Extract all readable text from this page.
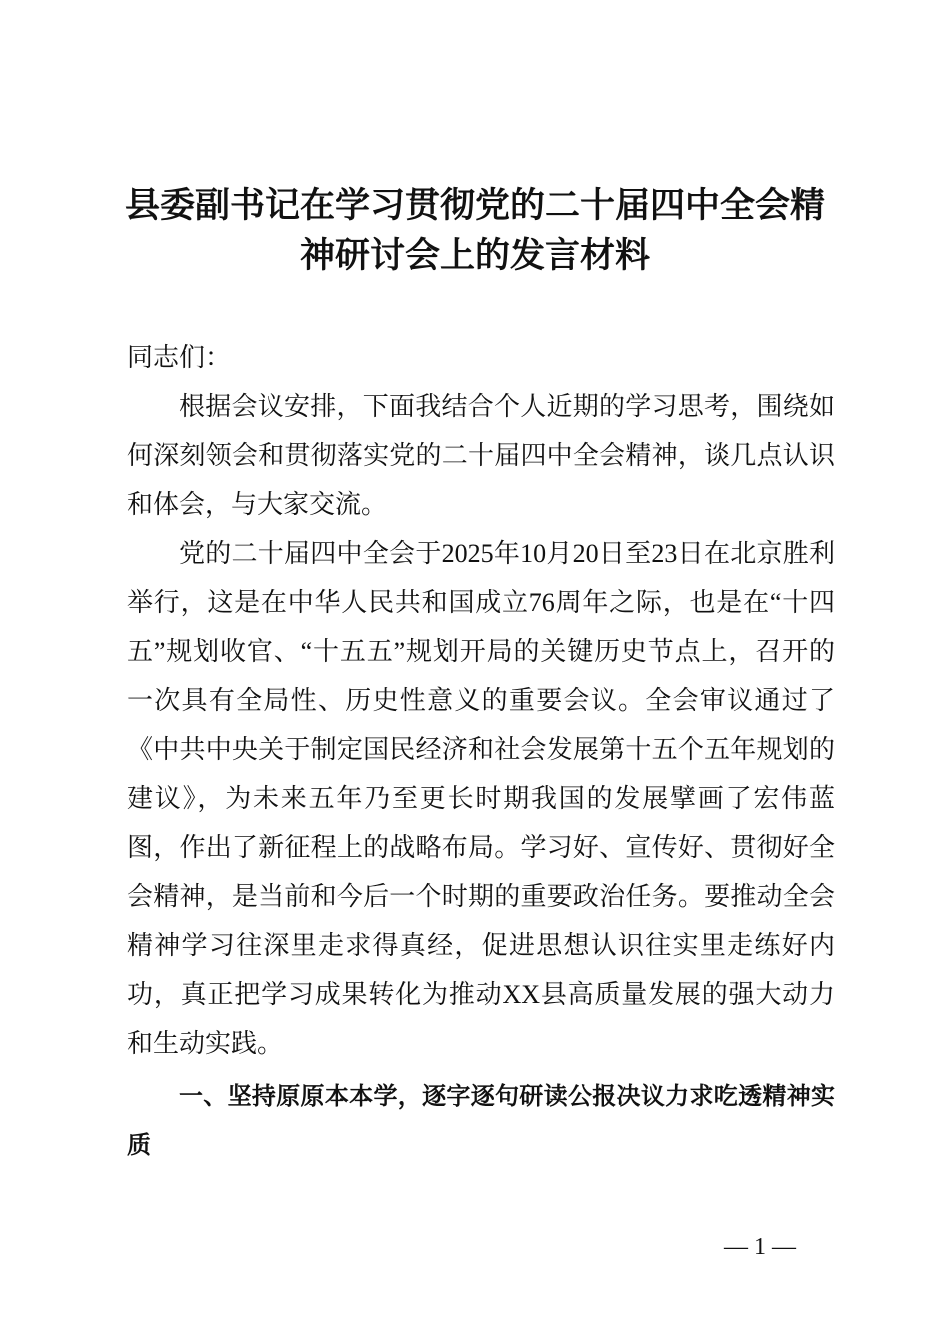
县委副书记在学习贯彻党的二十届四中全会精神研讨会上的发言材料

同志们：

根据会议安排，下面我结合个人近期的学习思考，围绕如何深刻领会和贯彻落实党的二十届四中全会精神，谈几点认识和体会，与大家交流。

党的二十届四中全会于2025年10月20日至23日在北京胜利举行，这是在中华人民共和国成立76周年之际，也是在“十四五”规划收官、“十五五”规划开局的关键历史节点上，召开的一次具有全局性、历史性意义的重要会议。全会审议通过了《中共中央关于制定国民经济和社会发展第十五个五年规划的建议》，为未来五年乃至更长时期我国的发展擘画了宏伟蓝图，作出了新征程上的战略布局。学习好、宣传好、贯彻好全会精神，是当前和今后一个时期的重要政治任务。要推动全会精神学习往深里走求得真经，促进思想认识往实里走练好内功，真正把学习成果转化为推动XX县高质量发展的强大动力和生动实践。

一、坚持原原本本学，逐字逐句研读公报决议力求吃透精神实质

— 1 —
